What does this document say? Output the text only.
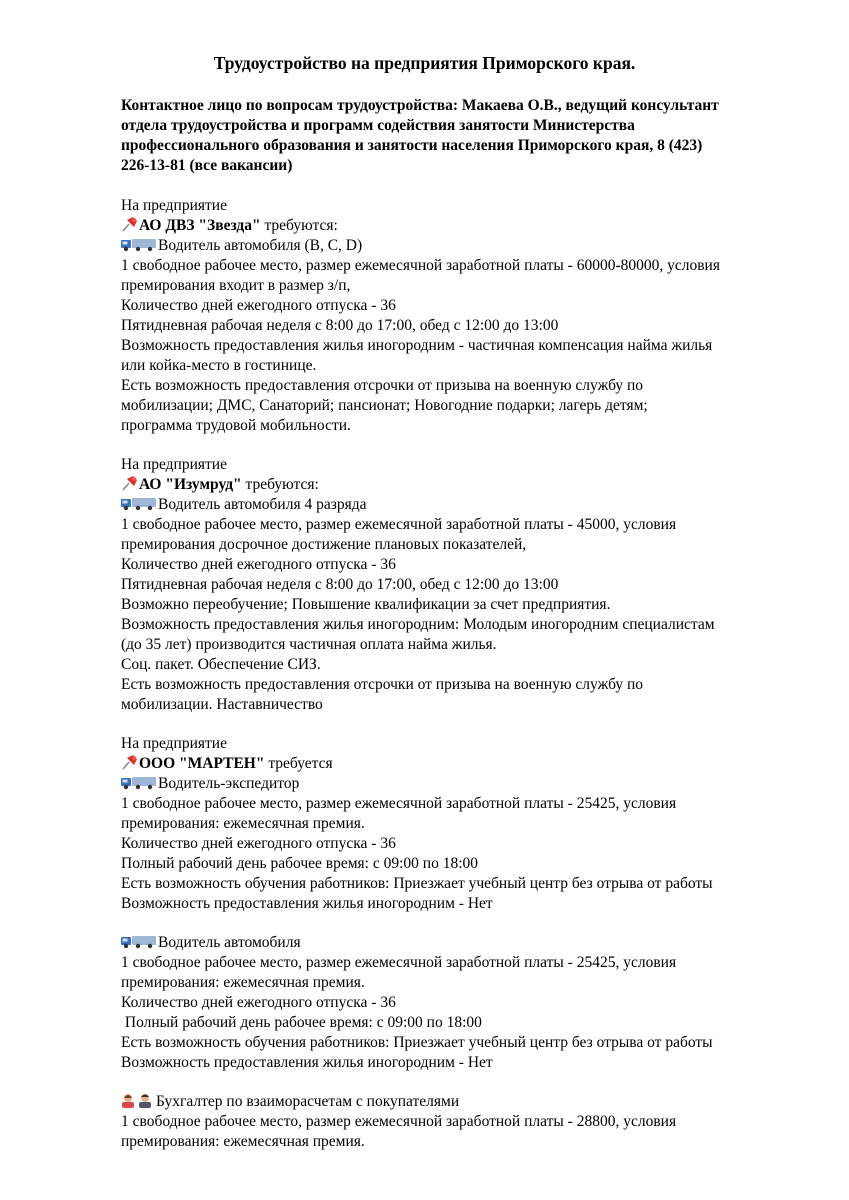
Трудоустройство на предприятия Приморского края.
Контактное лицо по вопросам трудоустройства: Макаева О.В., ведущий консультант
отдела трудоустройства и программ содействия занятости Министерства
профессионального образования и занятости населения Приморского края, 8 (423)
226-13-81 (все вакансии)
На предприятие
АО ДВЗ "Звезда" требуются:
Водитель автомобиля (B, C, D)
1 свободное рабочее место, размер ежемесячной заработной платы - 60000-80000, условия
премирования входит в размер з/п,
Количество дней ежегодного отпуска - 36
Пятидневная рабочая неделя с 8:00 до 17:00, обед с 12:00 до 13:00
Возможность предоставления жилья иногородним - частичная компенсация найма жилья
или койка-место в гостинице.
Есть возможность предоставления отсрочки от призыва на военную службу по
мобилизации; ДМС, Санаторий; пансионат; Новогодние подарки; лагерь детям;
программа трудовой мобильности.
На предприятие
АО "Изумруд" требуются:
Водитель автомобиля 4 разряда
1 свободное рабочее место, размер ежемесячной заработной платы - 45000, условия
премирования досрочное достижение плановых показателей,
Количество дней ежегодного отпуска - 36
Пятидневная рабочая неделя с 8:00 до 17:00, обед с 12:00 до 13:00
Возможно переобучение; Повышение квалификации за счет предприятия.
Возможность предоставления жилья иногородним: Молодым иногородним специалистам
(до 35 лет) производится частичная оплата найма жилья.
Соц. пакет. Обеспечение СИЗ.
Есть возможность предоставления отсрочки от призыва на военную службу по
мобилизации. Наставничество
На предприятие
ООО "МАРТЕН" требуется
Водитель-экспедитор
1 свободное рабочее место, размер ежемесячной заработной платы - 25425, условия
премирования: ежемесячная премия.
Количество дней ежегодного отпуска - 36
Полный рабочий день рабочее время: с 09:00 по 18:00
Есть возможность обучения работников: Приезжает учебный центр без отрыва от работы
Возможность предоставления жилья иногородним - Нет
Водитель автомобиля
1 свободное рабочее место, размер ежемесячной заработной платы - 25425, условия
премирования: ежемесячная премия.
Количество дней ежегодного отпуска - 36
Полный рабочий день рабочее время: с 09:00 по 18:00
Есть возможность обучения работников: Приезжает учебный центр без отрыва от работы
Возможность предоставления жилья иногородним - Нет
Бухгалтер по взаиморасчетам с покупателями
1 свободное рабочее место, размер ежемесячной заработной платы - 28800, условия
премирования: ежемесячная премия.
